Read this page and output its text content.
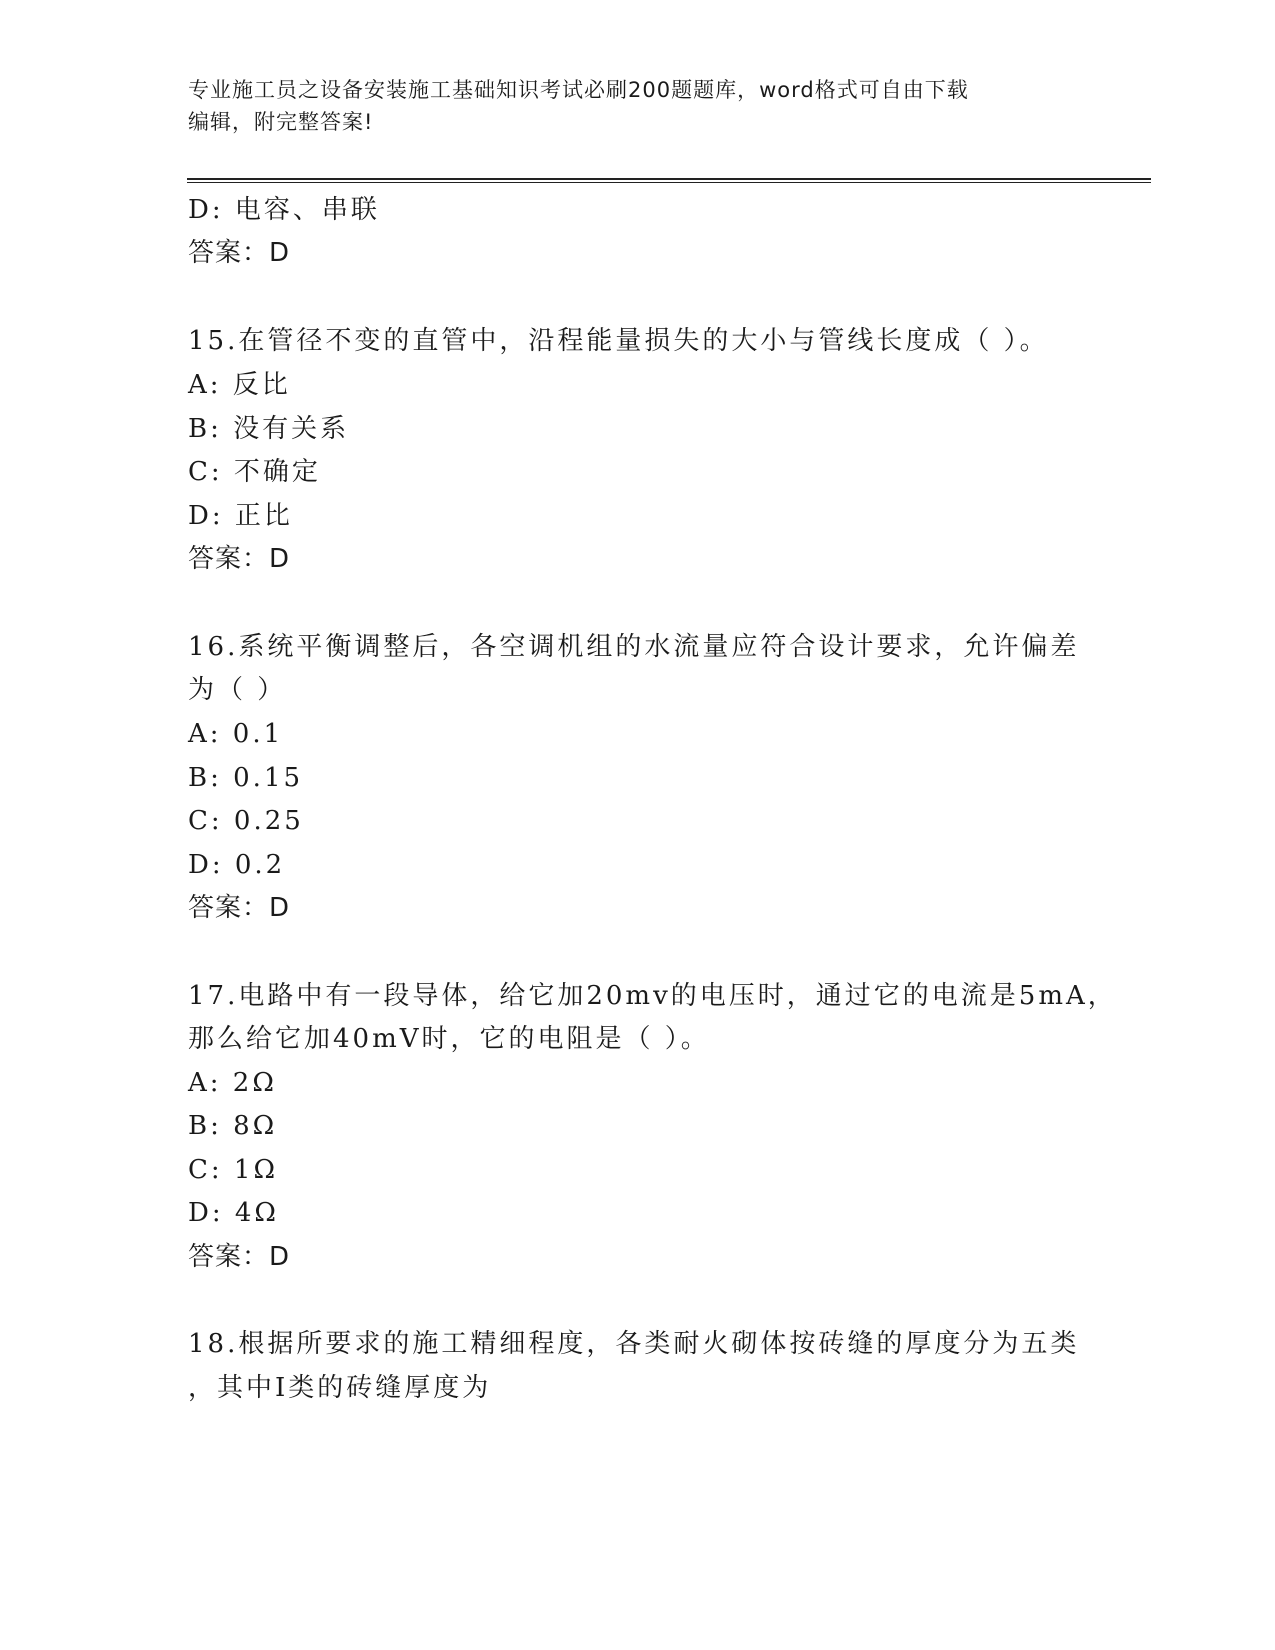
专业施工员之设备安装施工基础知识考试必刷200题题库，word格式可自由下载
编辑，附完整答案!
D: 电容、串联
答案：D
15.在管径不变的直管中，沿程能量损失的大小与管线长度成（ ）。
A: 反比
B: 没有关系
C: 不确定
D: 正比
答案：D
16.系统平衡调整后，各空调机组的水流量应符合设计要求，允许偏差
为（ ）
A: 0.1
B: 0.15
C: 0.25
D: 0.2
答案：D
17.电路中有一段导体，给它加20mv的电压时，通过它的电流是5mA，
那么给它加40mV时，它的电阻是（ ）。
A: 2Ω
B: 8Ω
C: 1Ω
D: 4Ω
答案：D
18.根据所要求的施工精细程度，各类耐火砌体按砖缝的厚度分为五类
，其中I类的砖缝厚度为
